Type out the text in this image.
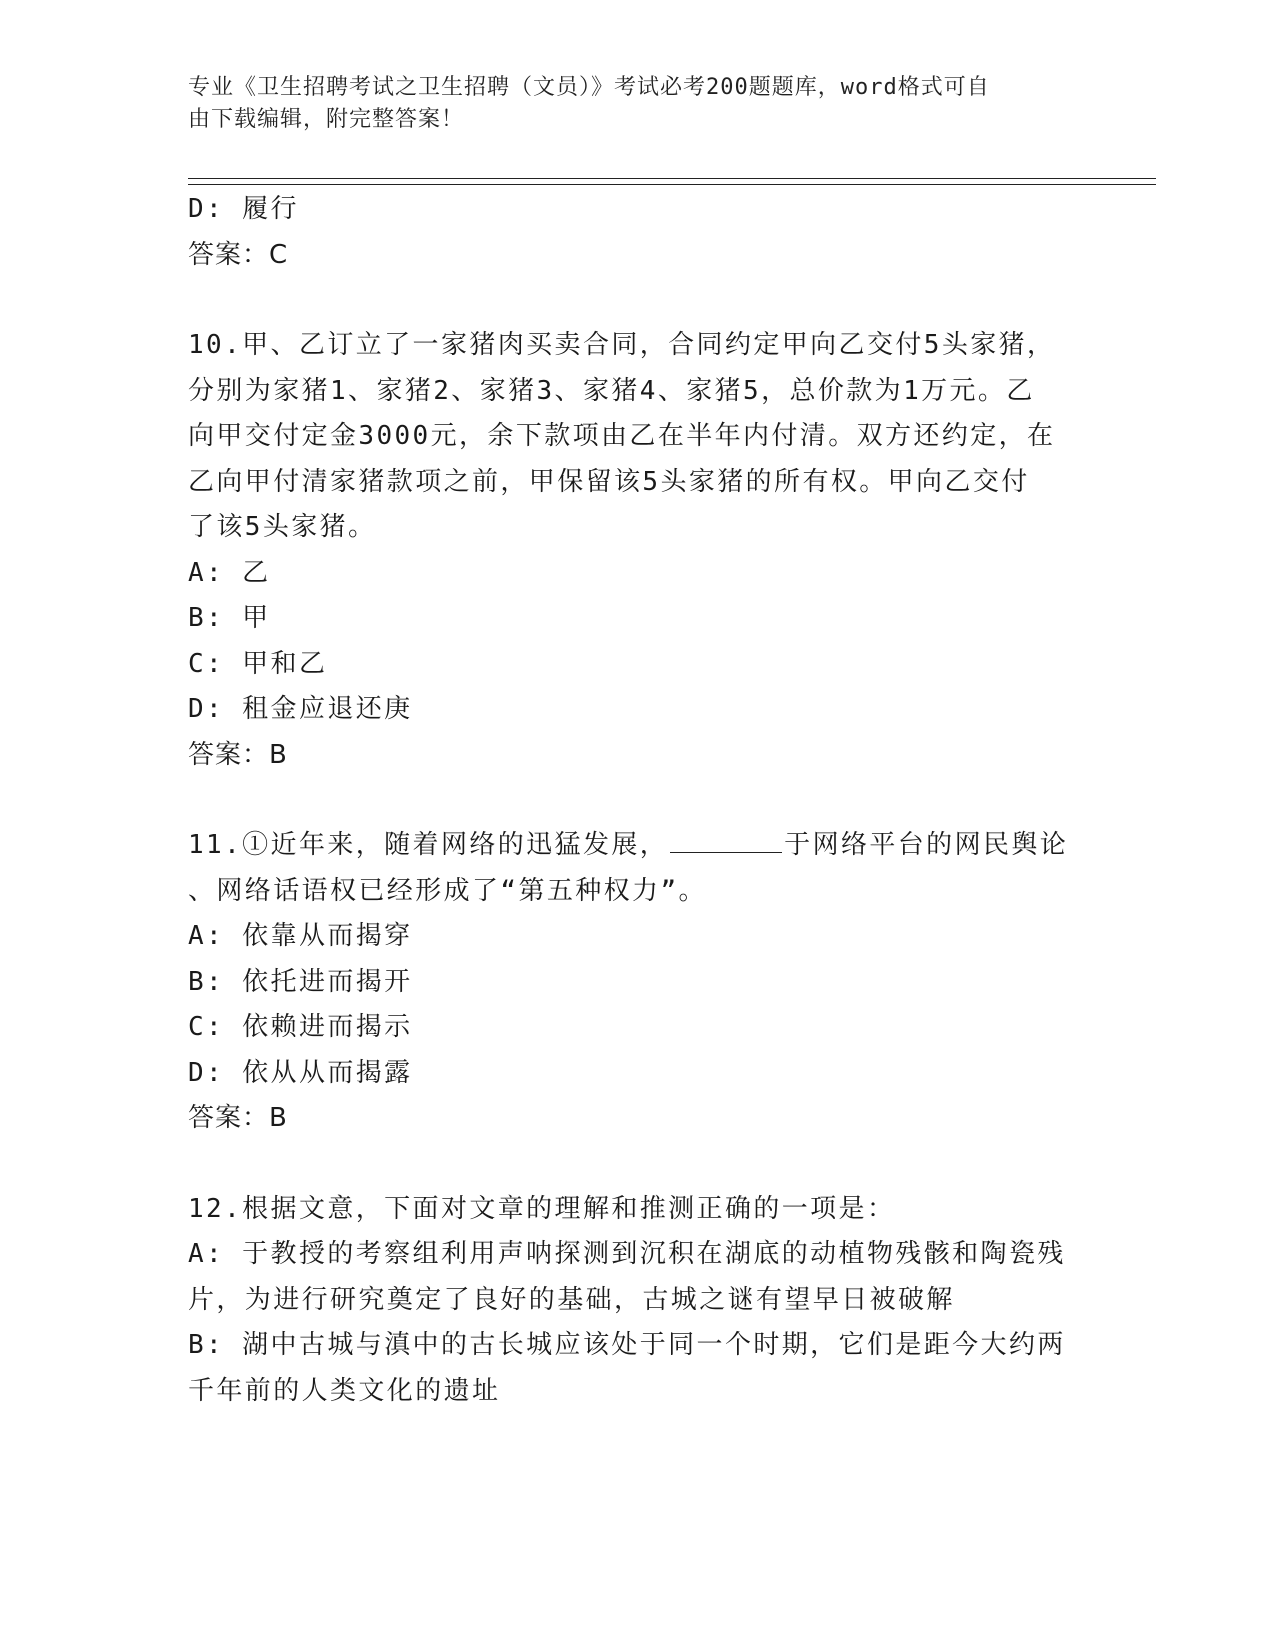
专业《卫生招聘考试之卫生招聘（文员）》考试必考200题题库，word格式可自
由下载编辑，附完整答案！
D: 履行
答案：C
10.甲、乙订立了一家猪肉买卖合同，合同约定甲向乙交付5头家猪，
分别为家猪1、家猪2、家猪3、家猪4、家猪5，总价款为1万元。乙
向甲交付定金3000元，余下款项由乙在半年内付清。双方还约定，在
乙向甲付清家猪款项之前，甲保留该5头家猪的所有权。甲向乙交付
了该5头家猪。
A: 乙
B: 甲
C: 甲和乙
D: 租金应退还庚
答案：B
11.①近年来，随着网络的迅猛发展，	于网络平台的网民舆论
、网络话语权已经形成了“第五种权力”。
A: 依靠从而揭穿
B: 依托进而揭开
C: 依赖进而揭示
D: 依从从而揭露
答案：B
12.根据文意，下面对文章的理解和推测正确的一项是：
A: 于教授的考察组利用声呐探测到沉积在湖底的动植物残骸和陶瓷残
片，为进行研究奠定了良好的基础，古城之谜有望早日被破解
B: 湖中古城与滇中的古长城应该处于同一个时期，它们是距今大约两
千年前的人类文化的遗址
